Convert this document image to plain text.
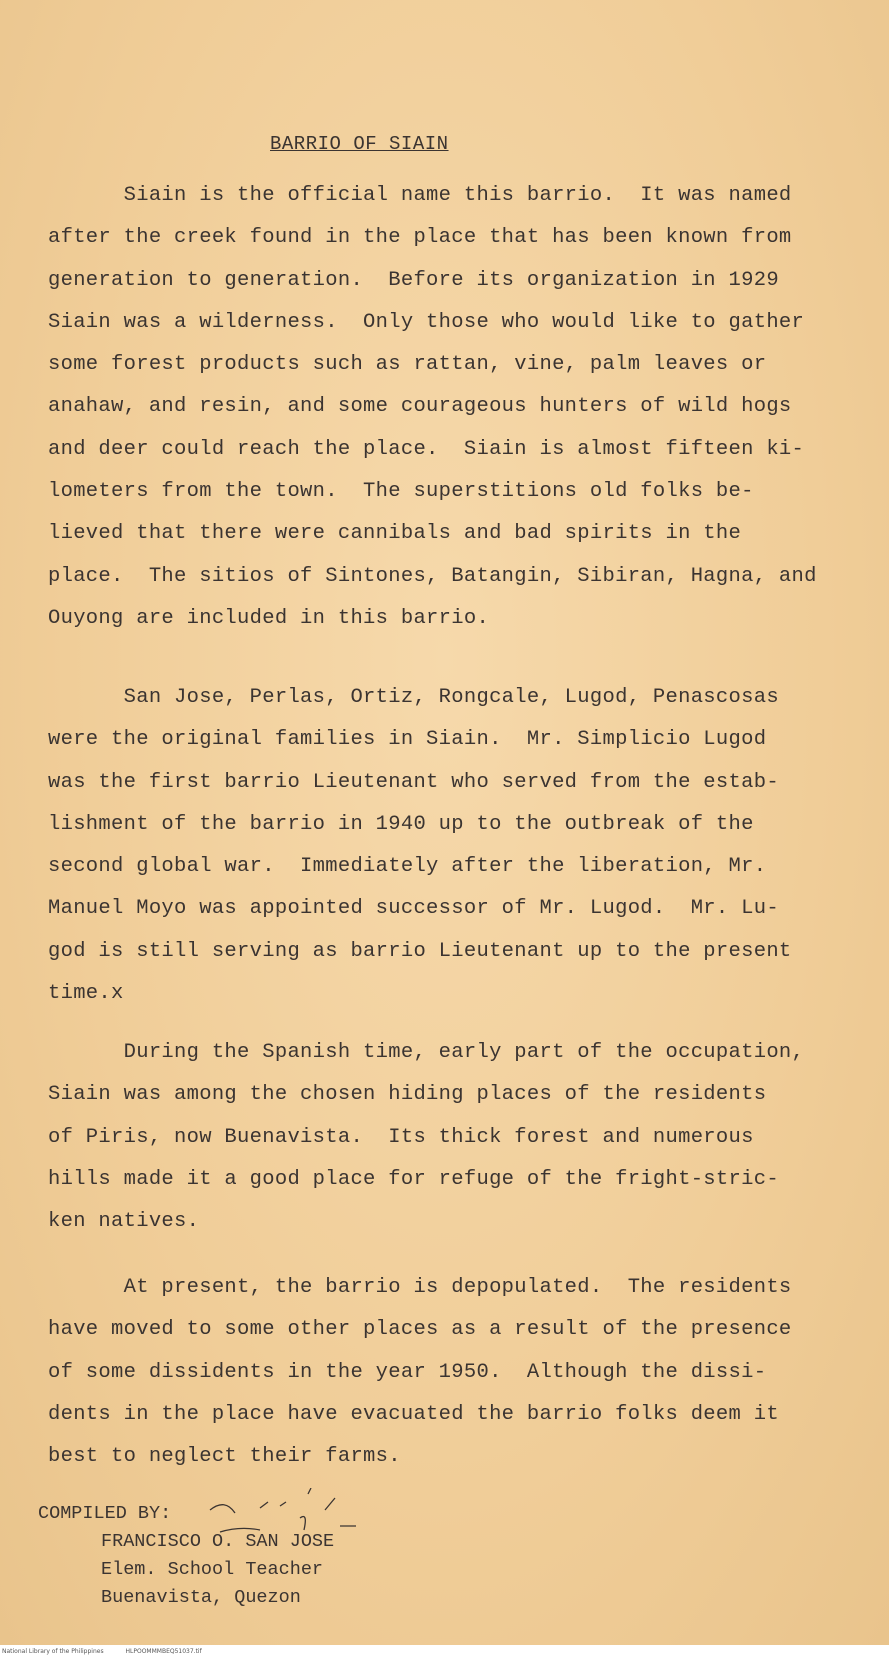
BARRIO OF SIAIN
Siain is the official name this barrio.  It was named
after the creek found in the place that has been known from
generation to generation.  Before its organization in 1929
Siain was a wilderness.  Only those who would like to gather
some forest products such as rattan, vine, palm leaves or
anahaw, and resin, and some courageous hunters of wild hogs
and deer could reach the place.  Siain is almost fifteen ki-
lometers from the town.  The superstitions old folks be-
lieved that there were cannibals and bad spirits in the
place.  The sitios of Sintones, Batangin, Sibiran, Hagna, and
Ouyong are included in this barrio.
San Jose, Perlas, Ortiz, Rongcale, Lugod, Penascosas
were the original families in Siain.  Mr. Simplicio Lugod
was the first barrio Lieutenant who served from the estab-
lishment of the barrio in 1940 up to the outbreak of the
second global war.  Immediately after the liberation, Mr.
Manuel Moyo was appointed successor of Mr. Lugod.  Mr. Lu-
god is still serving as barrio Lieutenant up to the present
time.x
During the Spanish time, early part of the occupation,
Siain was among the chosen hiding places of the residents
of Piris, now Buenavista.  Its thick forest and numerous
hills made it a good place for refuge of the fright-stric-
ken natives.
At present, the barrio is depopulated.  The residents
have moved to some other places as a result of the presence
of some dissidents in the year 1950.  Although the dissi-
dents in the place have evacuated the barrio folks deem it
best to neglect their farms.
COMPILED BY:
FRANCISCO O. SAN JOSE
Elem. School Teacher
Buenavista, Quezon
National Library of the Philippines	HLPOOMMMBEQ51037.tif
